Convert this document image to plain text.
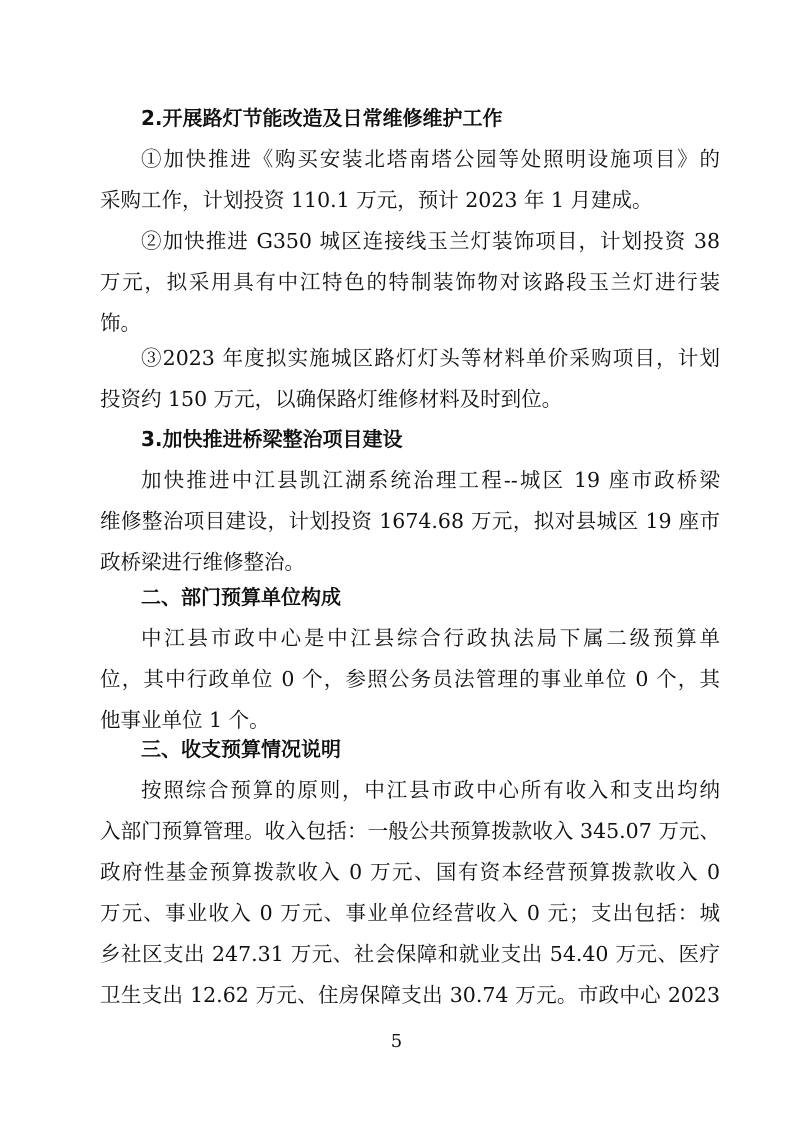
2.开展路灯节能改造及日常维修维护工作
①加快推进《购买安装北塔南塔公园等处照明设施项目》的
采购工作，计划投资 110.1 万元，预计 2023 年 1 月建成。
②加快推进 G350 城区连接线玉兰灯装饰项目，计划投资 38
万元，拟采用具有中江特色的特制装饰物对该路段玉兰灯进行装
饰。
③2023 年度拟实施城区路灯灯头等材料单价采购项目，计划
投资约 150 万元，以确保路灯维修材料及时到位。
3.加快推进桥梁整治项目建设
加快推进中江县凯江湖系统治理工程--城区 19 座市政桥梁
维修整治项目建设，计划投资 1674.68 万元，拟对县城区 19 座市
政桥梁进行维修整治。
二、部门预算单位构成
中江县市政中心是中江县综合行政执法局下属二级预算单
位，其中行政单位 0 个，参照公务员法管理的事业单位 0 个，其
他事业单位 1 个。
三、收支预算情况说明
按照综合预算的原则，中江县市政中心所有收入和支出均纳
入部门预算管理。收入包括：一般公共预算拨款收入 345.07 万元、
政府性基金预算拨款收入 0 万元、国有资本经营预算拨款收入 0
万元、事业收入 0 万元、事业单位经营收入 0 元；支出包括：城
乡社区支出 247.31 万元、社会保障和就业支出 54.40 万元、医疗
卫生支出 12.62 万元、住房保障支出 30.74 万元。市政中心 2023
5
